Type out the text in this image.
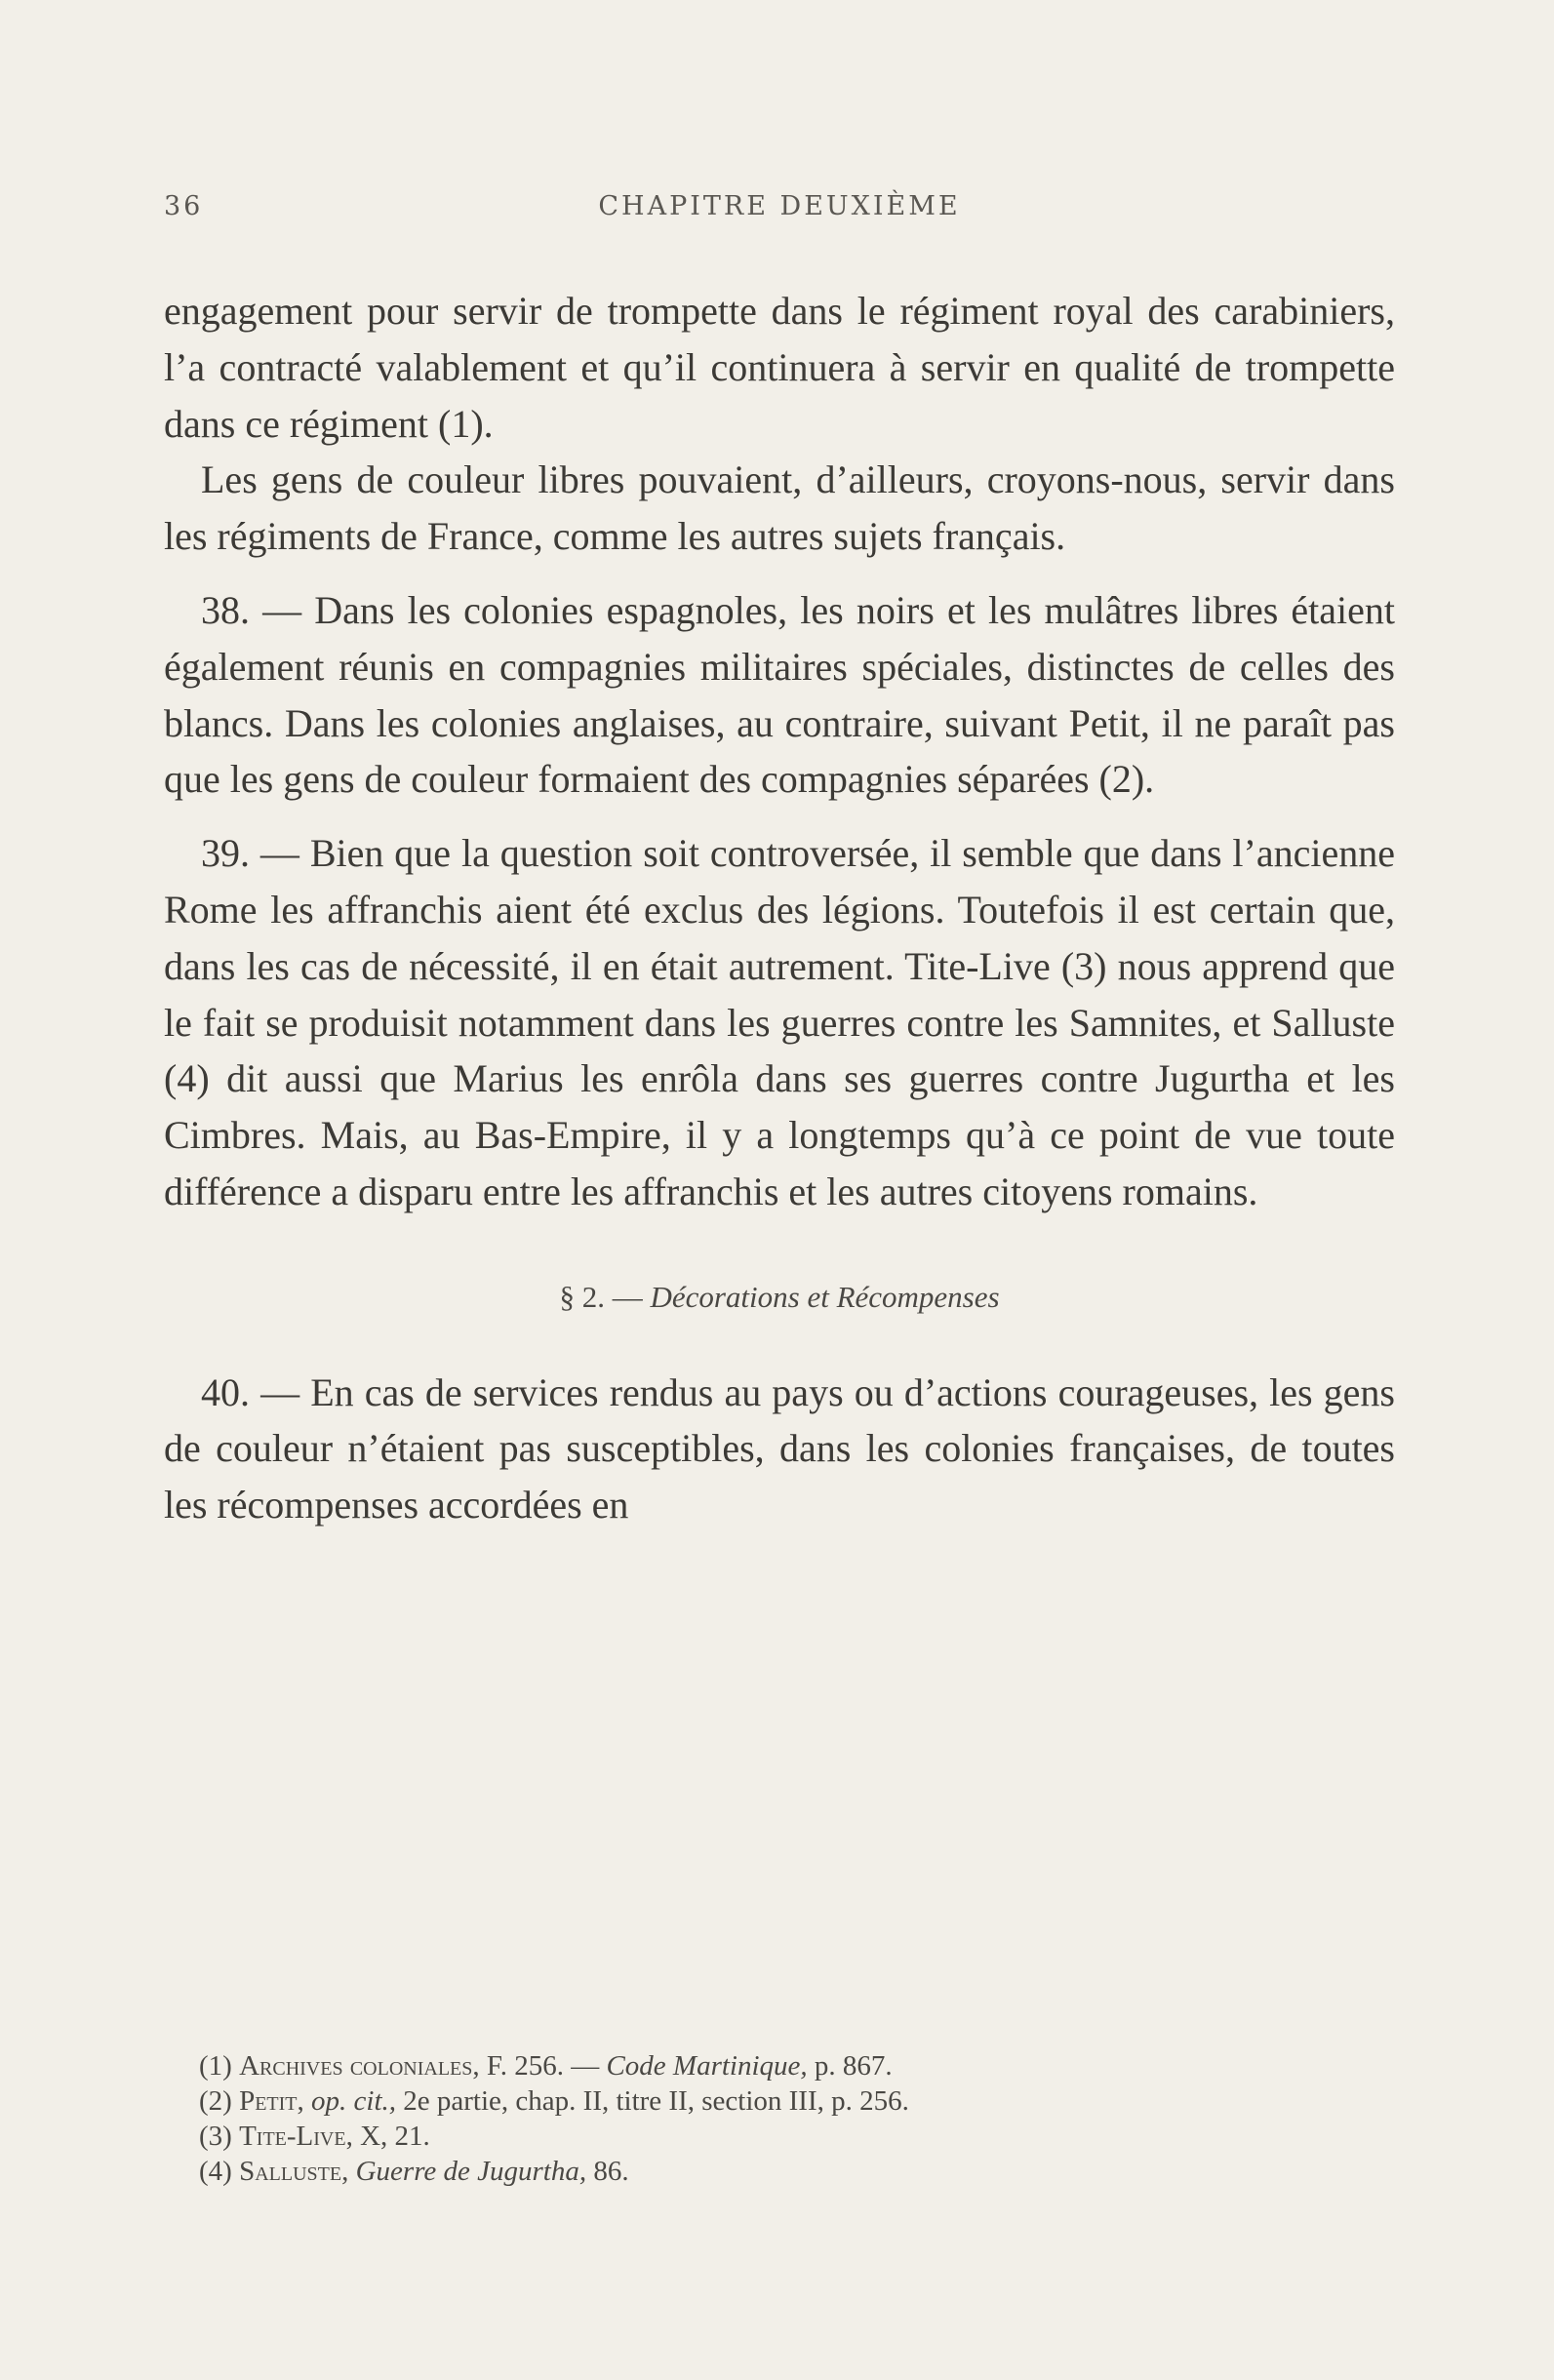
36	CHAPITRE DEUXIÈME

engagement pour servir de trompette dans le régiment royal des carabiniers, l’a contracté valablement et qu’il continuera à servir en qualité de trompette dans ce régiment (1).

Les gens de couleur libres pouvaient, d’ailleurs, croyons-nous, servir dans les régiments de France, comme les autres sujets français.

38. — Dans les colonies espagnoles, les noirs et les mulâtres libres étaient également réunis en compagnies militaires spéciales, distinctes de celles des blancs. Dans les colonies anglaises, au contraire, suivant Petit, il ne paraît pas que les gens de couleur formaient des compagnies séparées (2).

39. — Bien que la question soit controversée, il semble que dans l’ancienne Rome les affranchis aient été exclus des légions. Toutefois il est certain que, dans les cas de nécessité, il en était autrement. Tite-Live (3) nous apprend que le fait se produisit notamment dans les guerres contre les Samnites, et Salluste (4) dit aussi que Marius les enrôla dans ses guerres contre Jugurtha et les Cimbres. Mais, au Bas-Empire, il y a longtemps qu’à ce point de vue toute différence a disparu entre les affranchis et les autres citoyens romains.

§ 2. — Décorations et Récompenses

40. — En cas de services rendus au pays ou d’actions courageuses, les gens de couleur n’étaient pas susceptibles, dans les colonies françaises, de toutes les récompenses accordées en

(1) Archives coloniales, F. 256. — Code Martinique, p. 867.
(2) Petit, op. cit., 2e partie, chap. II, titre II, section III, p. 256.
(3) Tite-Live, X, 21.
(4) Salluste, Guerre de Jugurtha, 86.
